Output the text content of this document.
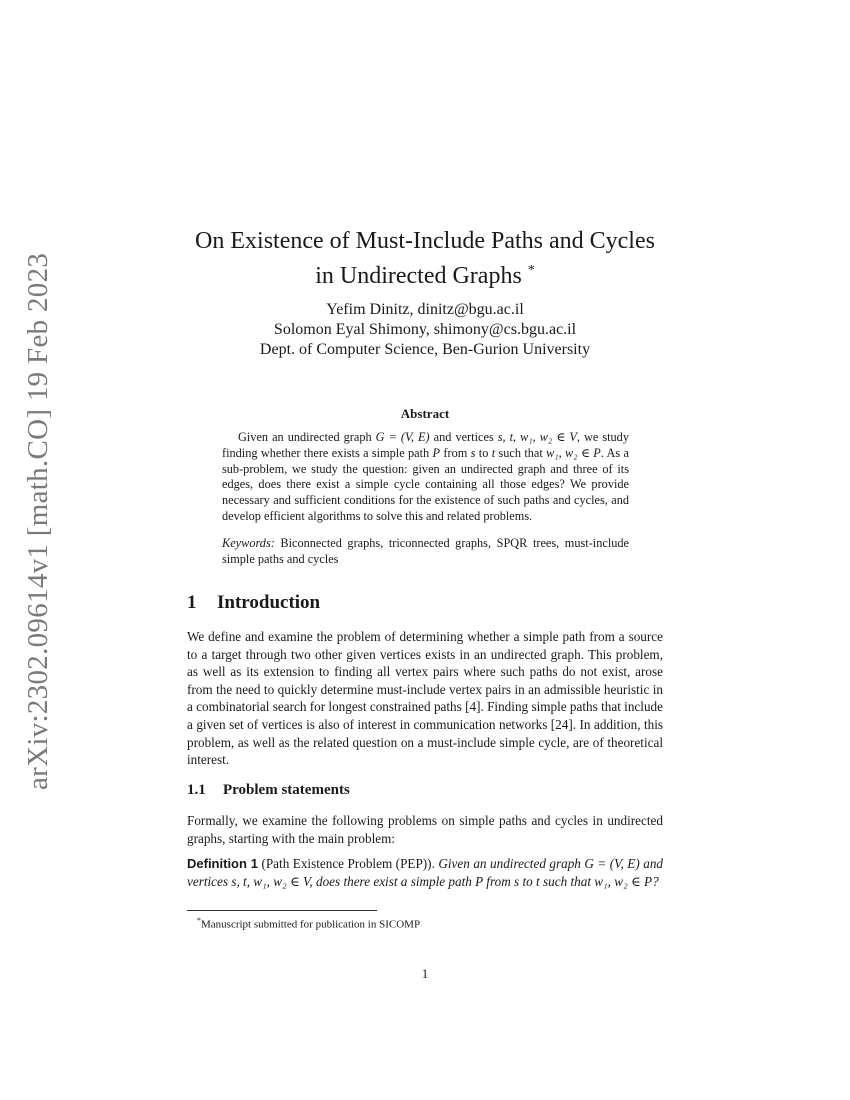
arXiv:2302.09614v1 [math.CO] 19 Feb 2023
On Existence of Must-Include Paths and Cycles
in Undirected Graphs *
Yefim Dinitz, dinitz@bgu.ac.il
Solomon Eyal Shimony, shimony@cs.bgu.ac.il
Dept. of Computer Science, Ben-Gurion University
Abstract

Given an undirected graph G = (V, E) and vertices s, t, w₁, w₂ ∈ V, we study finding whether there exists a simple path P from s to t such that w₁, w₂ ∈ P. As a sub-problem, we study the question: given an undirected graph and three of its edges, does there exist a simple cycle containing all those edges? We provide necessary and sufficient conditions for the existence of such paths and cycles, and develop efficient algorithms to solve this and related problems.

Keywords: Biconnected graphs, triconnected graphs, SPQR trees, must-include simple paths and cycles
1 Introduction
We define and examine the problem of determining whether a simple path from a source to a target through two other given vertices exists in an undirected graph. This problem, as well as its extension to finding all vertex pairs where such paths do not exist, arose from the need to quickly determine must-include vertex pairs in an admissible heuristic in a combinatorial search for longest constrained paths [4]. Finding simple paths that include a given set of vertices is also of interest in communication networks [24]. In addition, this problem, as well as the related question on a must-include simple cycle, are of theoretical interest.
1.1 Problem statements
Formally, we examine the following problems on simple paths and cycles in undirected graphs, starting with the main problem:
Definition 1 (Path Existence Problem (PEP)). Given an undirected graph G = (V, E) and vertices s, t, w₁, w₂ ∈ V, does there exist a simple path P from s to t such that w₁, w₂ ∈ P?
*Manuscript submitted for publication in SICOMP
1
